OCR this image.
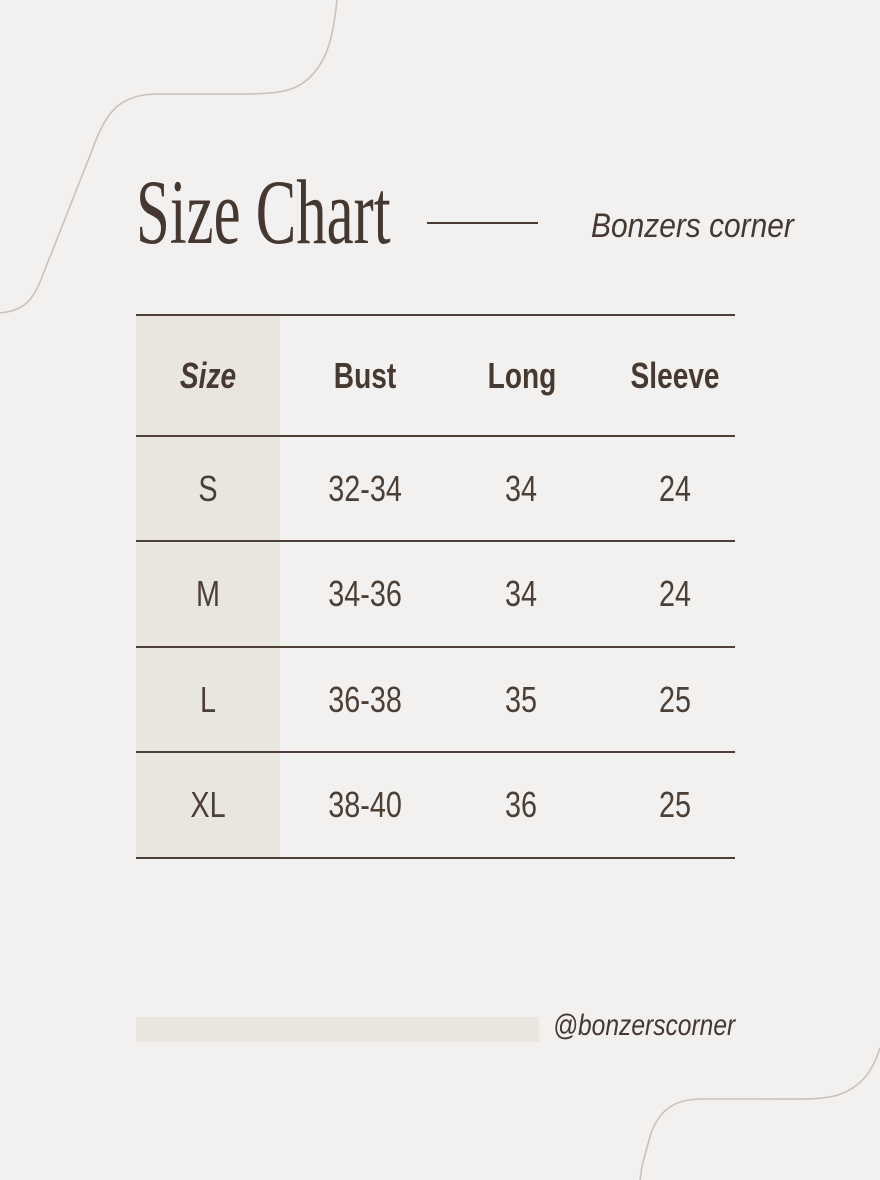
Size Chart	Bonzers corner
Size	Bust	Long	Sleeve
S	32-34	34	24
M	34-36	34	24
L	36-38	35	25
XL	38-40	36	25
@bonzerscorner
